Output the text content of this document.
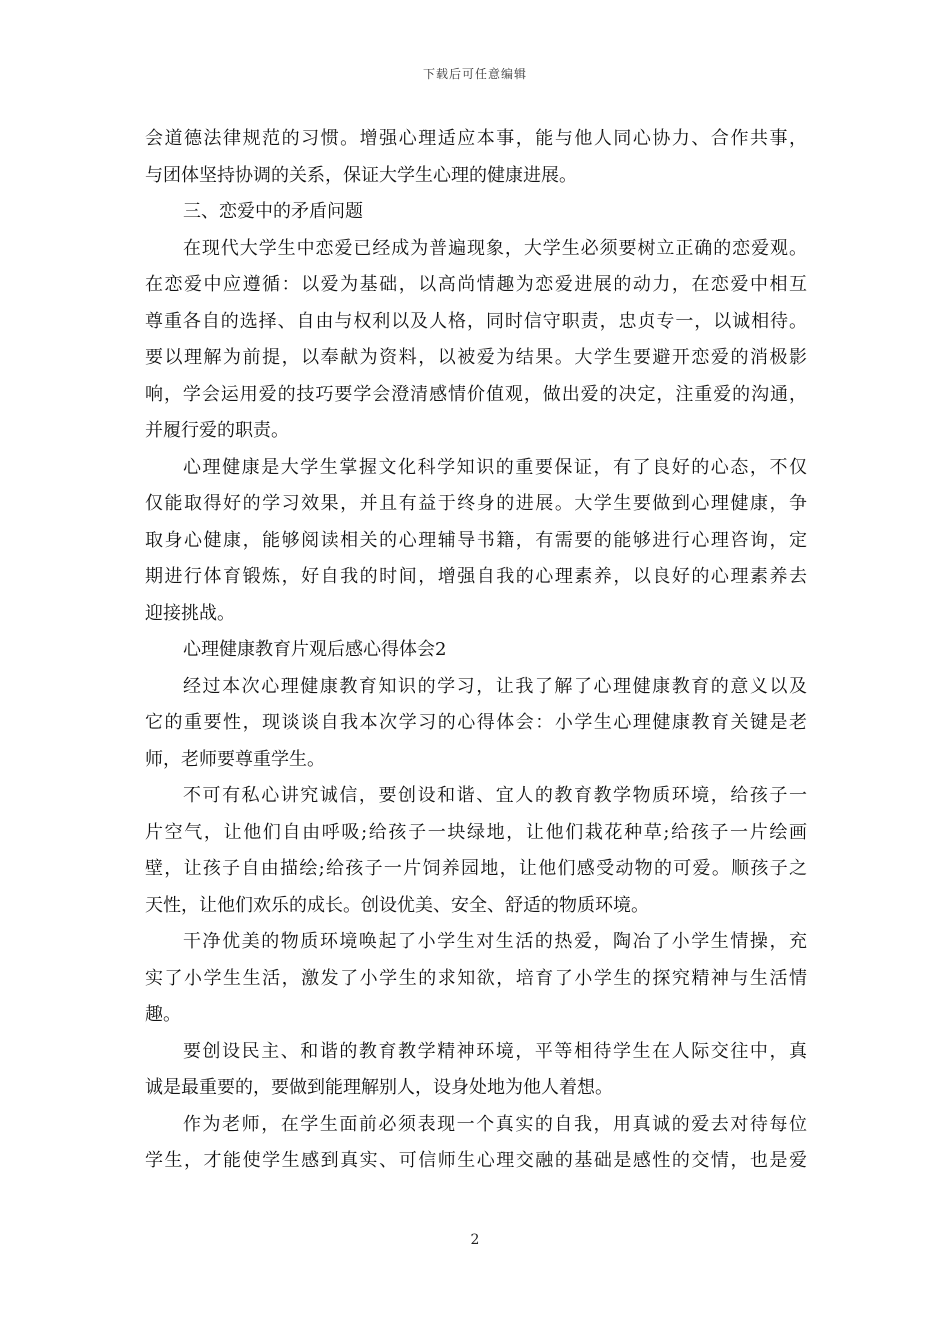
下载后可任意编辑
会道德法律规范的习惯。增强心理适应本事，能与他人同心协力、合作共事，
与团体坚持协调的关系，保证大学生心理的健康进展。
三、恋爱中的矛盾问题
在现代大学生中恋爱已经成为普遍现象，大学生必须要树立正确的恋爱观。
在恋爱中应遵循：以爱为基础，以高尚情趣为恋爱进展的动力，在恋爱中相互
尊重各自的选择、自由与权利以及人格，同时信守职责，忠贞专一，以诚相待。
要以理解为前提，以奉献为资料，以被爱为结果。大学生要避开恋爱的消极影
响，学会运用爱的技巧要学会澄清感情价值观，做出爱的决定，注重爱的沟通，
并履行爱的职责。
心理健康是大学生掌握文化科学知识的重要保证，有了良好的心态，不仅
仅能取得好的学习效果，并且有益于终身的进展。大学生要做到心理健康，争
取身心健康，能够阅读相关的心理辅导书籍，有需要的能够进行心理咨询，定
期进行体育锻炼，好自我的时间，增强自我的心理素养，以良好的心理素养去
迎接挑战。
心理健康教育片观后感心得体会2
经过本次心理健康教育知识的学习，让我了解了心理健康教育的意义以及
它的重要性，现谈谈自我本次学习的心得体会：小学生心理健康教育关键是老
师，老师要尊重学生。
不可有私心讲究诚信，要创设和谐、宜人的教育教学物质环境，给孩子一
片空气，让他们自由呼吸;给孩子一块绿地，让他们栽花种草;给孩子一片绘画
壁，让孩子自由描绘;给孩子一片饲养园地，让他们感受动物的可爱。顺孩子之
天性，让他们欢乐的成长。创设优美、安全、舒适的物质环境。
干净优美的物质环境唤起了小学生对生活的热爱，陶冶了小学生情操，充
实了小学生生活，激发了小学生的求知欲，培育了小学生的探究精神与生活情
趣。
要创设民主、和谐的教育教学精神环境，平等相待学生在人际交往中，真
诚是最重要的，要做到能理解别人，设身处地为他人着想。
作为老师，在学生面前必须表现一个真实的自我，用真诚的爱去对待每位
学生，才能使学生感到真实、可信师生心理交融的基础是感性的交情，也是爱
2
